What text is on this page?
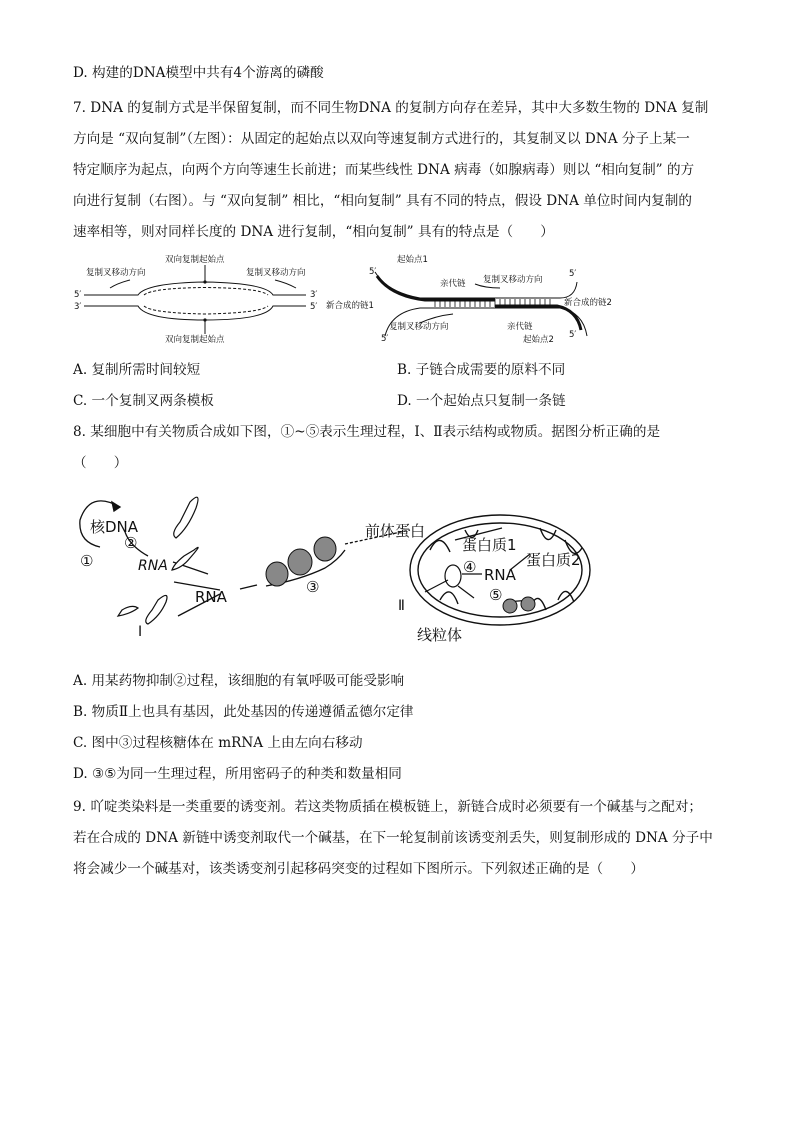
D. 构建的DNA模型中共有4个游离的磷酸
7. DNA 的复制方式是半保留复制，而不同生物DNA 的复制方向存在差异，其中大多数生物的 DNA 复制
方向是 “双向复制”（左图）：从固定的起始点以双向等速复制方式进行的，其复制叉以 DNA 分子上某一
特定顺序为起点，向两个方向等速生长前进；而某些线性 DNA 病毒（如腺病毒）则以 “相向复制” 的方
向进行复制（右图）。与 “双向复制” 相比，“相向复制” 具有不同的特点，假设 DNA 单位时间内复制的
速率相等，则对同样长度的 DNA 进行复制，“相向复制” 具有的特点是（　　）
双向复制起始点
复制叉移动方向	复制叉移动方向
5′
3′
3′
5′
双向复制起始点
起始点1
5′
亲代链 复制叉移动方向
5′
新合成的链2
新合成的链1
复制叉移动方向	亲代链
起始点2
5′	5′
A. 复制所需时间较短	B. 子链合成需要的原料不同
C. 一个复制叉两条模板	D. 一个起始点只复制一条链
8. 某细胞中有关物质合成如下图，①~⑤表示生理过程，Ⅰ、Ⅱ表示结构或物质。据图分析正确的是
（　　）
核DNA
①
②
RNA
RNA
Ⅰ
③
前体蛋白
蛋白质1
蛋白质2
④ RNA
⑤
Ⅱ
线粒体
A. 用某药物抑制②过程，该细胞的有氧呼吸可能受影响
B. 物质Ⅱ上也具有基因，此处基因的传递遵循孟德尔定律
C. 图中③过程核糖体在 mRNA 上由左向右移动
D. ③⑤为同一生理过程，所用密码子的种类和数量相同
9. 吖啶类染料是一类重要的诱变剂。若这类物质插在模板链上，新链合成时必须要有一个碱基与之配对；
若在合成的 DNA 新链中诱变剂取代一个碱基，在下一轮复制前该诱变剂丢失，则复制形成的 DNA 分子中
将会减少一个碱基对，该类诱变剂引起移码突变的过程如下图所示。下列叙述正确的是（　　）
